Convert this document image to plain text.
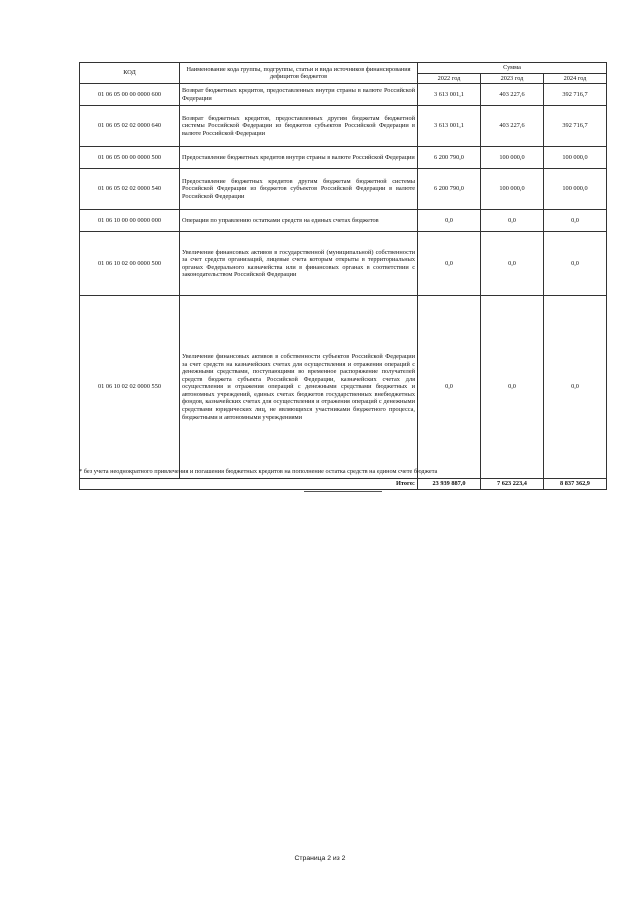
КОД	Наименование кода группы, подгруппы, статьи и вида источников финансирования дефицитов бюджетов	Сумма		
		2022 год	2023 год	2024 год
01 06 05 00 00 0000 600	Возврат бюджетных кредитов, предоставленных внутри страны в валюте Российской Федерации	3 613 001,1	403 227,6	392 716,7
01 06 05 02 02 0000 640	Возврат бюджетных кредитов, предоставленных другим бюджетам бюджетной системы Российской Федерации из бюджетов субъектов Российской Федерации в валюте Российской Федерации	3 613 001,1	403 227,6	392 716,7
01 06 05 00 00 0000 500	Предоставление бюджетных кредитов внутри страны в валюте Российской Федерации	6 200 790,0	100 000,0	100 000,0
01 06 05 02 02 0000 540	Предоставление бюджетных кредитов другим бюджетам бюджетной системы Российской Федерации из бюджетов субъектов Российской Федерации в валюте Российской Федерации	6 200 790,0	100 000,0	100 000,0
01 06 10 00 00 0000 000	Операции по управлению остатками средств на единых счетах бюджетов	0,0	0,0	0,0
01 06 10 02 00 0000 500	Увеличение финансовых активов в государственной (муниципальной) собственности за счет средств организаций, лицевые счета которым открыты в территориальных органах Федерального казначейства или в финансовых органах в соответствии с законодательством Российской Федерации	0,0	0,0	0,0
01 06 10 02 02 0000 550	Увеличение финансовых активов в собственности субъектов Российской Федерации за счет средств на казначейских счетах для осуществления и отражения операций с денежными средствами, поступающими во временное распоряжение получателей средств бюджета субъекта Российской Федерации, казначейских счетах для осуществления и отражения операций с денежными средствами бюджетных и автономных учреждений, единых счетах бюджетов государственных внебюджетных фондов, казначейских счетах для осуществления и отражения операций с денежными средствами юридических лиц, не являющихся участниками бюджетного процесса, бюджетными и автономными учреждениями	0,0	0,0	0,0
Итого:		23 939 887,0	7 623 223,4	8 837 362,9
* без учета неоднократного привлечения и погашения бюджетных кредитов на пополнение остатка средств на едином счете бюджета
Страница 2 из 2
